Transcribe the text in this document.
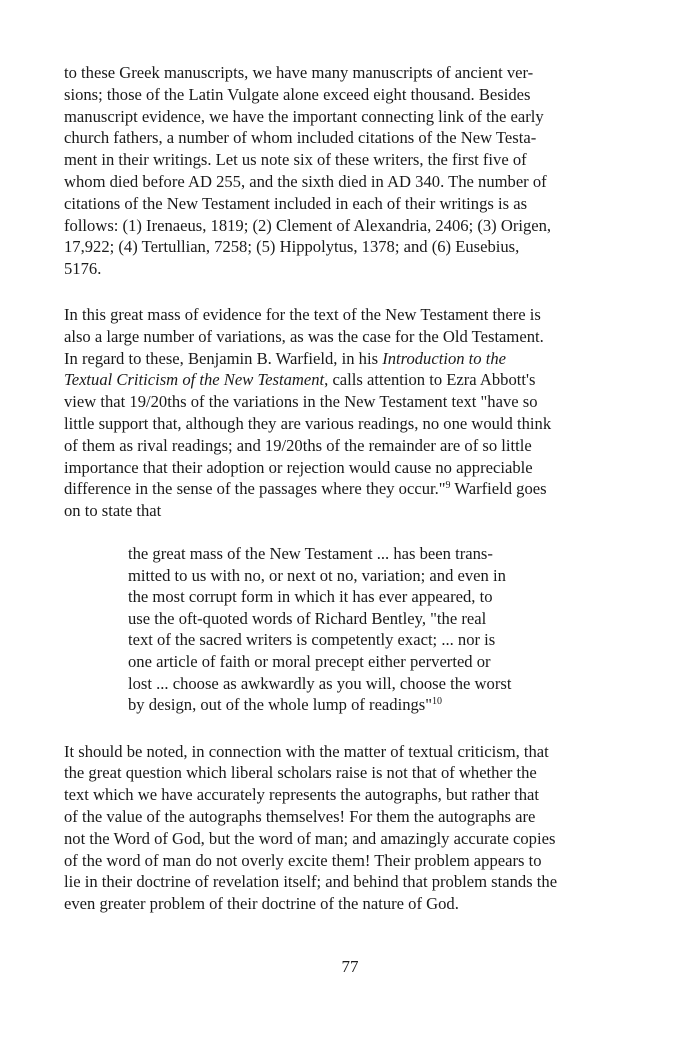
to these Greek manuscripts, we have many manuscripts of ancient ver-
sions; those of the Latin Vulgate alone exceed eight thousand. Besides
manuscript evidence, we have the important connecting link of the early
church fathers, a number of whom included citations of the New Testa-
ment in their writings. Let us note six of these writers, the first five of
whom died before AD 255, and the sixth died in AD 340. The number of
citations of the New Testament included in each of their writings is as
follows: (1) Irenaeus, 1819; (2) Clement of Alexandria, 2406; (3) Origen,
17,922; (4) Tertullian, 7258; (5) Hippolytus, 1378; and (6) Eusebius,
5176.

In this great mass of evidence for the text of the New Testament there is
also a large number of variations, as was the case for the Old Testament.
In regard to these, Benjamin B. Warfield, in his Introduction to the
Textual Criticism of the New Testament, calls attention to Ezra Abbott's
view that 19/20ths of the variations in the New Testament text "have so
little support that, although they are various readings, no one would think
of them as rival readings; and 19/20ths of the remainder are of so little
importance that their adoption or rejection would cause no appreciable
difference in the sense of the passages where they occur."$^9$ Warfield goes
on to state that

the great mass of the New Testament ... has been trans-
mitted to us with no, or next ot no, variation; and even in
the most corrupt form in which it has ever appeared, to
use the oft-quoted words of Richard Bentley, "the real
text of the sacred writers is competently exact; ... nor is
one article of faith or moral precept either perverted or
lost ... choose as awkwardly as you will, choose the worst
by design, out of the whole lump of readings"$^{10}$

It should be noted, in connection with the matter of textual criticism, that
the great question which liberal scholars raise is not that of whether the
text which we have accurately represents the autographs, but rather that
of the value of the autographs themselves! For them the autographs are
not the Word of God, but the word of man; and amazingly accurate copies
of the word of man do not overly excite them! Their problem appears to
lie in their doctrine of revelation itself; and behind that problem stands the
even greater problem of their doctrine of the nature of God.

77
